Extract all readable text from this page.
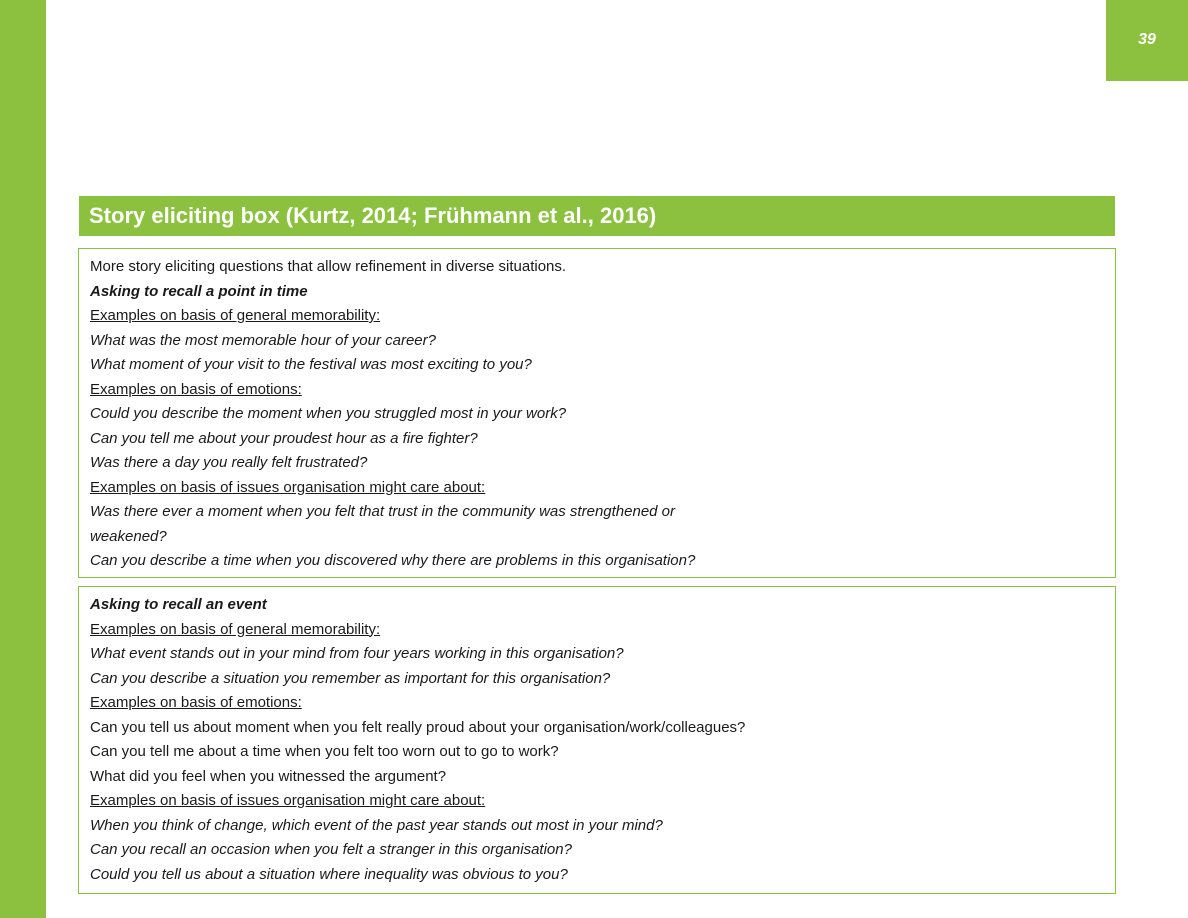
39
Story eliciting box (Kurtz, 2014; Frühmann et al., 2016)
More story eliciting questions that allow refinement in diverse situations.
Asking to recall a point in time
Examples on basis of general memorability:
What was the most memorable hour of your career?
What moment of your visit to the festival was most exciting to you?
Examples on basis of emotions:
Could you describe the moment when you struggled most in your work?
Can you tell me about your proudest hour as a fire fighter?
Was there a day you really felt frustrated?
Examples on basis of issues organisation might care about:
Was there ever a moment when you felt that trust in the community was strengthened or
weakened?
Can you describe a time when you discovered why there are problems in this organisation?
Asking to recall an event
Examples on basis of general memorability:
What event stands out in your mind from four years working in this organisation?
Can you describe a situation you remember as important for this organisation?
Examples on basis of emotions:
Can you tell us about moment when you felt really proud about your organisation/work/colleagues?
Can you tell me about a time when you felt too worn out to go to work?
What did you feel when you witnessed the argument?
Examples on basis of issues organisation might care about:
When you think of change, which event of the past year stands out most in your mind?
Can you recall an occasion when you felt a stranger in this organisation?
Could you tell us about a situation where inequality was obvious to you?
